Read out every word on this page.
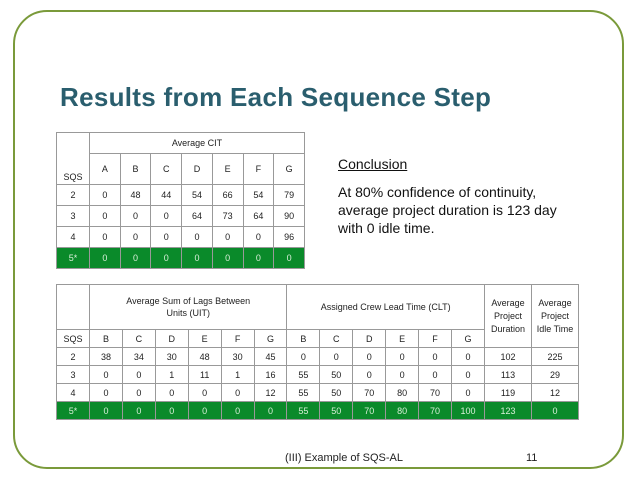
Results from Each Sequence Step
	Average CIT						
SQS	A	B	C	D	E	F	G
2	0	48	44	54	66	54	79
3	0	0	0	64	73	64	90
4	0	0	0	0	0	0	96
5*	0	0	0	0	0	0	0
Conclusion
At 80% confidence of continuity, average project duration is 123 day with 0 idle time.
	Average Sum of Lags Between Units (UIT)						Assigned Crew Lead Time (CLT)						Average Project Duration	Average Project Idle Time
SQS	B	C	D	E	F	G	B	C	D	E	F	G		
2	38	34	30	48	30	45	0	0	0	0	0	0	102	225
3	0	0	1	11	1	16	55	50	0	0	0	0	113	29
4	0	0	0	0	0	12	55	50	70	80	70	0	119	12
5*	0	0	0	0	0	0	55	50	70	80	70	100	123	0
(III) Example of SQS-AL	11
